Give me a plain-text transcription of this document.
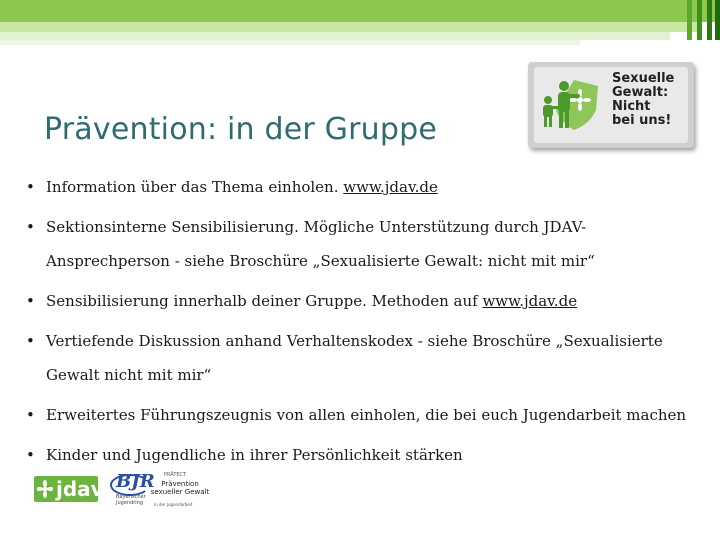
Prävention: in der Gruppe
Sexuelle
Gewalt:
Nicht
bei uns!
• Information über das Thema einholen. www.jdav.de
• Sektionsinterne Sensibilisierung. Mögliche Unterstützung durch JDAV-Ansprechperson - siehe Broschüre „Sexualisierte Gewalt: nicht mit mir“
• Sensibilisierung innerhalb deiner Gruppe. Methoden auf www.jdav.de
• Vertiefende Diskussion anhand Verhaltenskodex - siehe Broschüre „Sexualisierte Gewalt nicht mit mir“
• Erweitertes Führungszeugnis von allen einholen, die bei euch Jugendarbeit machen
• Kinder und Jugendliche in ihrer Persönlichkeit stärken
jdav BJR
Bayerischer Jugendring
PRÄTECT
Prävention sexueller Gewalt
in der Jugendarbeit
